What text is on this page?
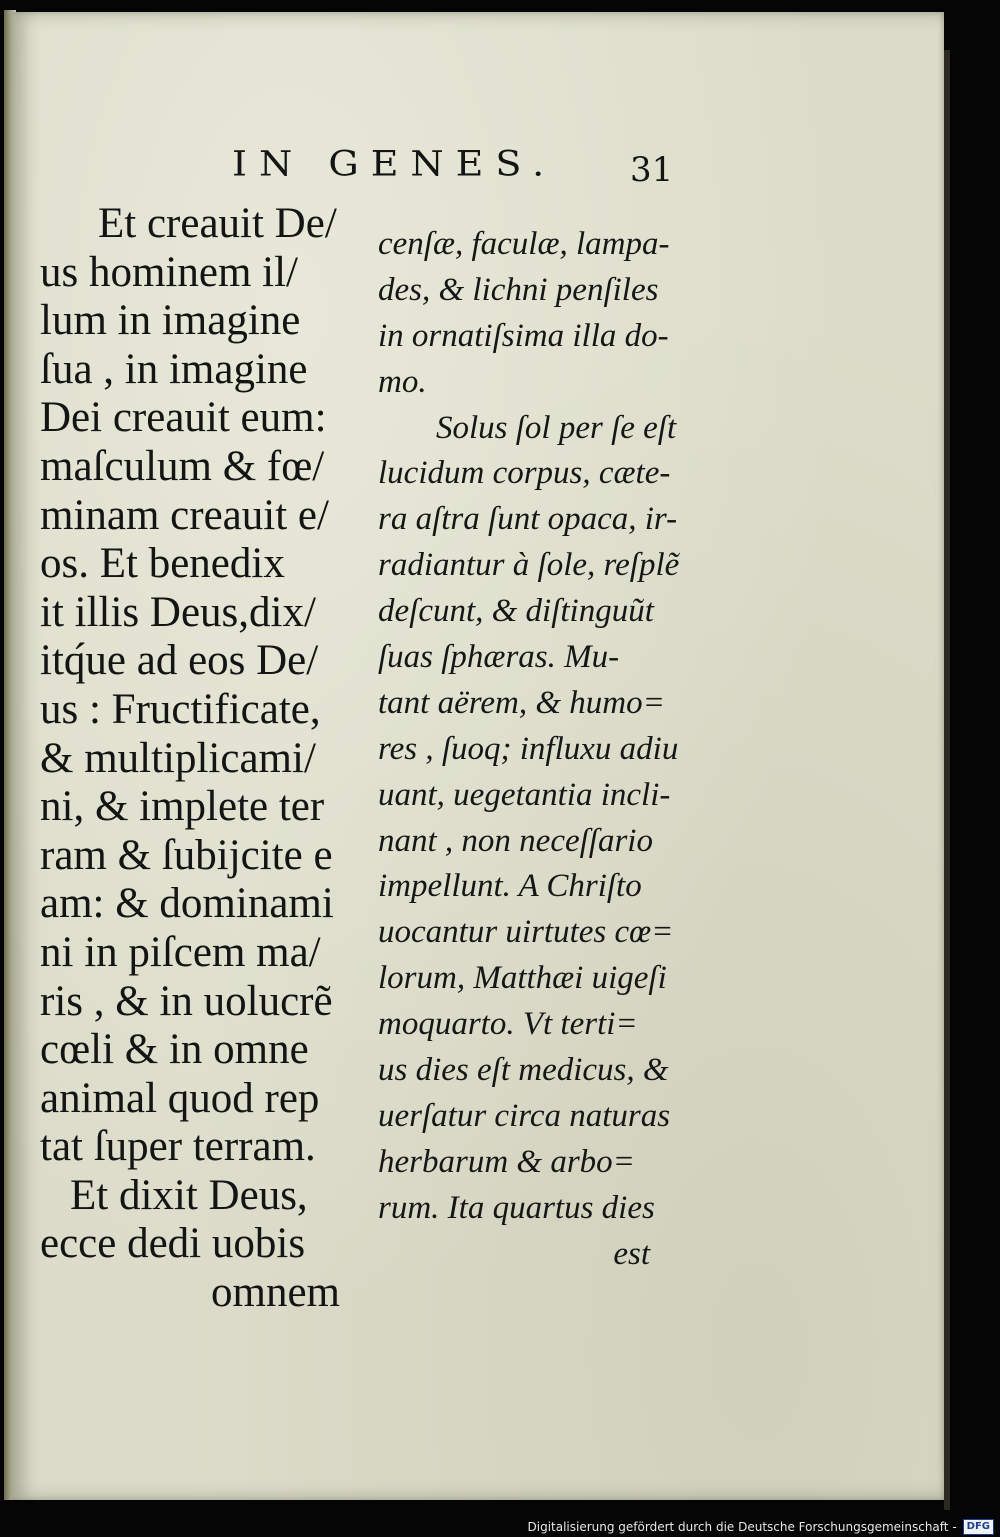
IN GENES. 31
Et creauit De/
us hominem il/
lum in imagine
ſua , in imagine
Dei creauit eum:
maſculum & fœ/
minam creauit e/
os. Et benedix
it illis Deus,dix/
itq́ue ad eos De/
us : Fructificate,
& multiplicami/
ni, & implete ter
ram & ſubijcite e
am: & dominami
ni in piſcem ma/
ris , & in uolucrẽ
cœli & in omne
animal quod rep
tat ſuper terram.
Et dixit Deus,
ecce dedi uobis
omnem
cenſæ, faculæ, lampa-
des, & lichni penſiles
in ornatiſsima illa do-
mo.
Solus ſol per ſe eſt
lucidum corpus, cæte-
ra aſtra ſunt opaca, ir-
radiantur à ſole, reſplẽ
deſcunt, & diſtinguũt
ſuas ſphæras. Mu-
tant aërem, & humo=
res , ſuoq; influxu adiu
uant, uegetantia incli-
nant , non neceſſario
impellunt. A Chriſto
uocantur uirtutes cœ=
lorum, Matthæi uigeſi
moquarto. Vt terti=
us dies eſt medicus, &
uerſatur circa naturas
herbarum & arbo=
rum. Ita quartus dies
est
Digitalisierung gefördert durch die Deutsche Forschungsgemeinschaft -	DFG
